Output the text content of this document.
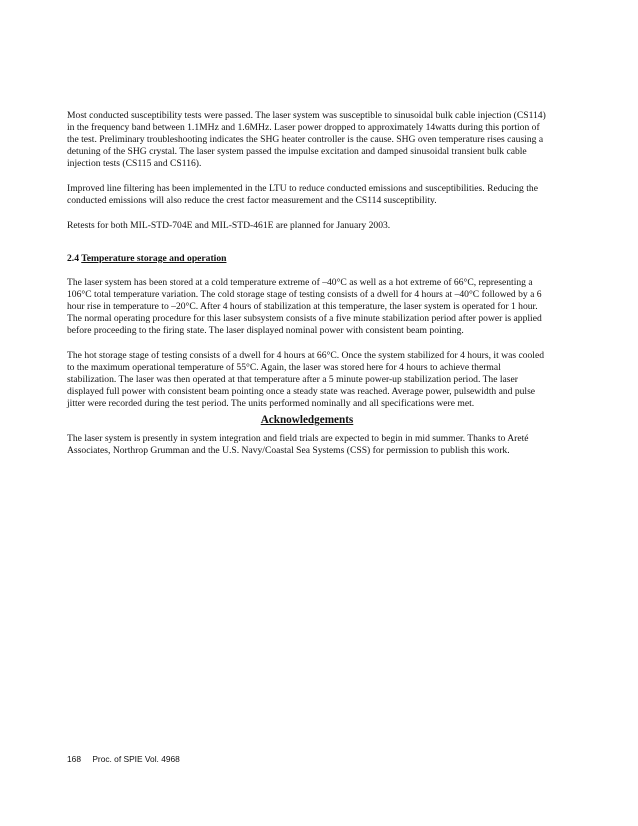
Most conducted susceptibility tests were passed. The laser system was susceptible to sinusoidal bulk cable injection (CS114) in the frequency band between 1.1MHz and 1.6MHz. Laser power dropped to approximately 14watts during this portion of the test. Preliminary troubleshooting indicates the SHG heater controller is the cause. SHG oven temperature rises causing a detuning of the SHG crystal. The laser system passed the impulse excitation and damped sinusoidal transient bulk cable injection tests (CS115 and CS116).

Improved line filtering has been implemented in the LTU to reduce conducted emissions and susceptibilities. Reducing the conducted emissions will also reduce the crest factor measurement and the CS114 susceptibility.

Retests for both MIL-STD-704E and MIL-STD-461E are planned for January 2003.

2.4 Temperature storage and operation

The laser system has been stored at a cold temperature extreme of –40°C as well as a hot extreme of 66°C, representing a 106°C total temperature variation. The cold storage stage of testing consists of a dwell for 4 hours at –40°C followed by a 6 hour rise in temperature to –20°C. After 4 hours of stabilization at this temperature, the laser system is operated for 1 hour. The normal operating procedure for this laser subsystem consists of a five minute stabilization period after power is applied before proceeding to the firing state. The laser displayed nominal power with consistent beam pointing.

The hot storage stage of testing consists of a dwell for 4 hours at 66°C. Once the system stabilized for 4 hours, it was cooled to the maximum operational temperature of 55°C. Again, the laser was stored here for 4 hours to achieve thermal stabilization. The laser was then operated at that temperature after a 5 minute power-up stabilization period. The laser displayed full power with consistent beam pointing once a steady state was reached. Average power, pulsewidth and pulse jitter were recorded during the test period. The units performed nominally and all specifications were met.

Acknowledgements

The laser system is presently in system integration and field trials are expected to begin in mid summer. Thanks to Areté Associates, Northrop Grumman and the U.S. Navy/Coastal Sea Systems (CSS) for permission to publish this work.

168 Proc. of SPIE Vol. 4968
